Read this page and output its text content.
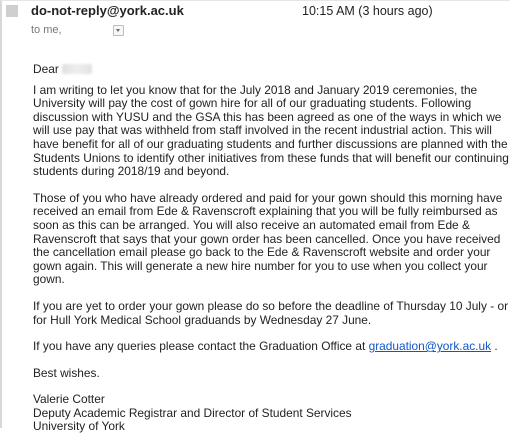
do-not-reply@york.ac.uk	10:15 AM (3 hours ago)
to me,

Dear

I am writing to let you know that for the July 2018 and January 2019 ceremonies, the University will pay the cost of gown hire for all of our graduating students. Following discussion with YUSU and the GSA this has been agreed as one of the ways in which we will use pay that was withheld from staff involved in the recent industrial action. This will have benefit for all of our graduating students and further discussions are planned with the Students Unions to identify other initiatives from these funds that will benefit our continuing students during 2018/19 and beyond.

Those of you who have already ordered and paid for your gown should this morning have received an email from Ede & Ravenscroft explaining that you will be fully reimbursed as soon as this can be arranged. You will also receive an automated email from Ede & Ravenscroft that says that your gown order has been cancelled. Once you have received the cancellation email please go back to the Ede & Ravenscroft website and order your gown again. This will generate a new hire number for you to use when you collect your gown.

If you are yet to order your gown please do so before the deadline of Thursday 10 July - or for Hull York Medical School graduands by Wednesday 27 June.

If you have any queries please contact the Graduation Office at graduation@york.ac.uk .

Best wishes.

Valerie Cotter

Deputy Academic Registrar and Director of Student Services

University of York
